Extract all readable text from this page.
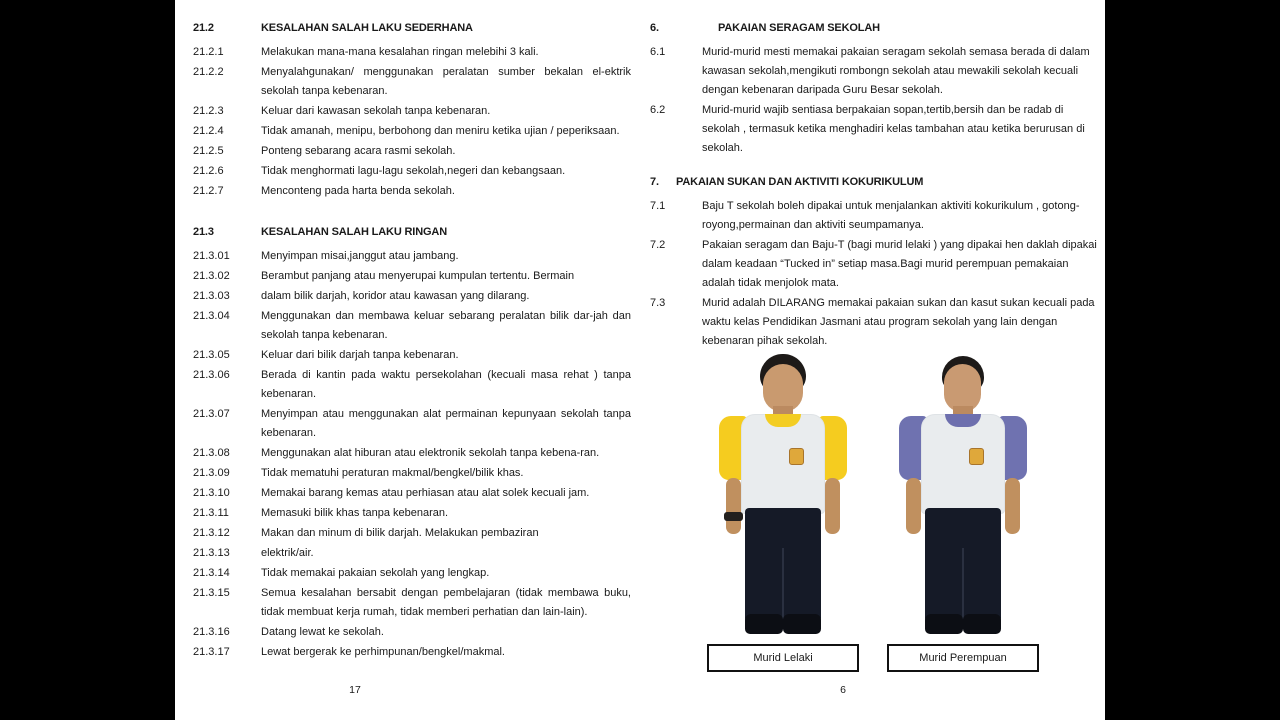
21.2	KESALAHAN SALAH LAKU SEDERHANA
21.2.1	Melakukan mana-mana kesalahan ringan melebihi 3 kali.
21.2.2	Menyalahgunakan/ menggunakan peralatan sumber bekalan el-ektrik sekolah tanpa kebenaran.
21.2.3	Keluar dari kawasan sekolah tanpa kebenaran.
21.2.4	Tidak amanah, menipu, berbohong dan meniru ketika ujian / peperiksaan.
21.2.5	Ponteng sebarang acara rasmi sekolah.
21.2.6	Tidak menghormati lagu-lagu sekolah,negeri dan kebangsaan.
21.2.7	Menconteng pada harta benda sekolah.
21.3	KESALAHAN SALAH LAKU RINGAN
21.3.01	Menyimpan misai,janggut atau jambang.
21.3.02	Berambut panjang atau menyerupai kumpulan tertentu. Bermain
21.3.03	dalam bilik darjah, koridor atau kawasan yang dilarang.
21.3.04	Menggunakan dan membawa keluar sebarang peralatan bilik dar-jah dan sekolah tanpa kebenaran.
21.3.05	Keluar dari bilik darjah tanpa kebenaran.
21.3.06	Berada di kantin pada waktu persekolahan (kecuali masa rehat ) tanpa kebenaran.
21.3.07	Menyimpan atau menggunakan alat permainan kepunyaan sekolah tanpa kebenaran.
21.3.08	Menggunakan alat hiburan atau elektronik sekolah tanpa kebena-ran.
21.3.09	Tidak mematuhi peraturan makmal/bengkel/bilik khas.
21.3.10	Memakai barang kemas atau perhiasan atau alat solek kecuali jam.
21.3.11	Memasuki bilik khas tanpa kebenaran.
21.3.12	Makan dan minum di bilik darjah. Melakukan pembaziran
21.3.13	elektrik/air.
21.3.14	Tidak memakai pakaian sekolah yang lengkap.
21.3.15	Semua kesalahan bersabit dengan pembelajaran (tidak membawa buku, tidak membuat kerja rumah, tidak memberi perhatian dan lain-lain).
21.3.16	Datang lewat ke sekolah.
21.3.17	Lewat bergerak ke perhimpunan/bengkel/makmal.
17
6.	PAKAIAN SERAGAM SEKOLAH
6.1	Murid-murid mesti memakai pakaian seragam sekolah semasa berada di dalam kawasan sekolah,mengikuti rombongn sekolah atau mewakili sekolah kecuali dengan kebenaran daripada Guru Besar sekolah.
6.2	Murid-murid wajib sentiasa berpakaian sopan,tertib,bersih dan be radab di sekolah , termasuk ketika menghadiri kelas tambahan atau ketika berurusan di sekolah.
7.	PAKAIAN SUKAN DAN AKTIVITI KOKURIKULUM
7.1	Baju T sekolah boleh dipakai untuk menjalankan aktiviti kokurikulum , gotong-royong,permainan dan aktiviti seumpamanya.
7.2	Pakaian seragam dan Baju-T (bagi murid lelaki ) yang dipakai hen daklah dipakai dalam keadaan “Tucked in” setiap masa.Bagi murid perempuan pemakaian adalah tidak menjolok mata.
7.3	Murid adalah DILARANG memakai pakaian sukan dan kasut sukan kecuali pada waktu kelas Pendidikan Jasmani atau program sekolah yang lain dengan kebenaran pihak sekolah.
Murid Lelaki	Murid Perempuan
6
